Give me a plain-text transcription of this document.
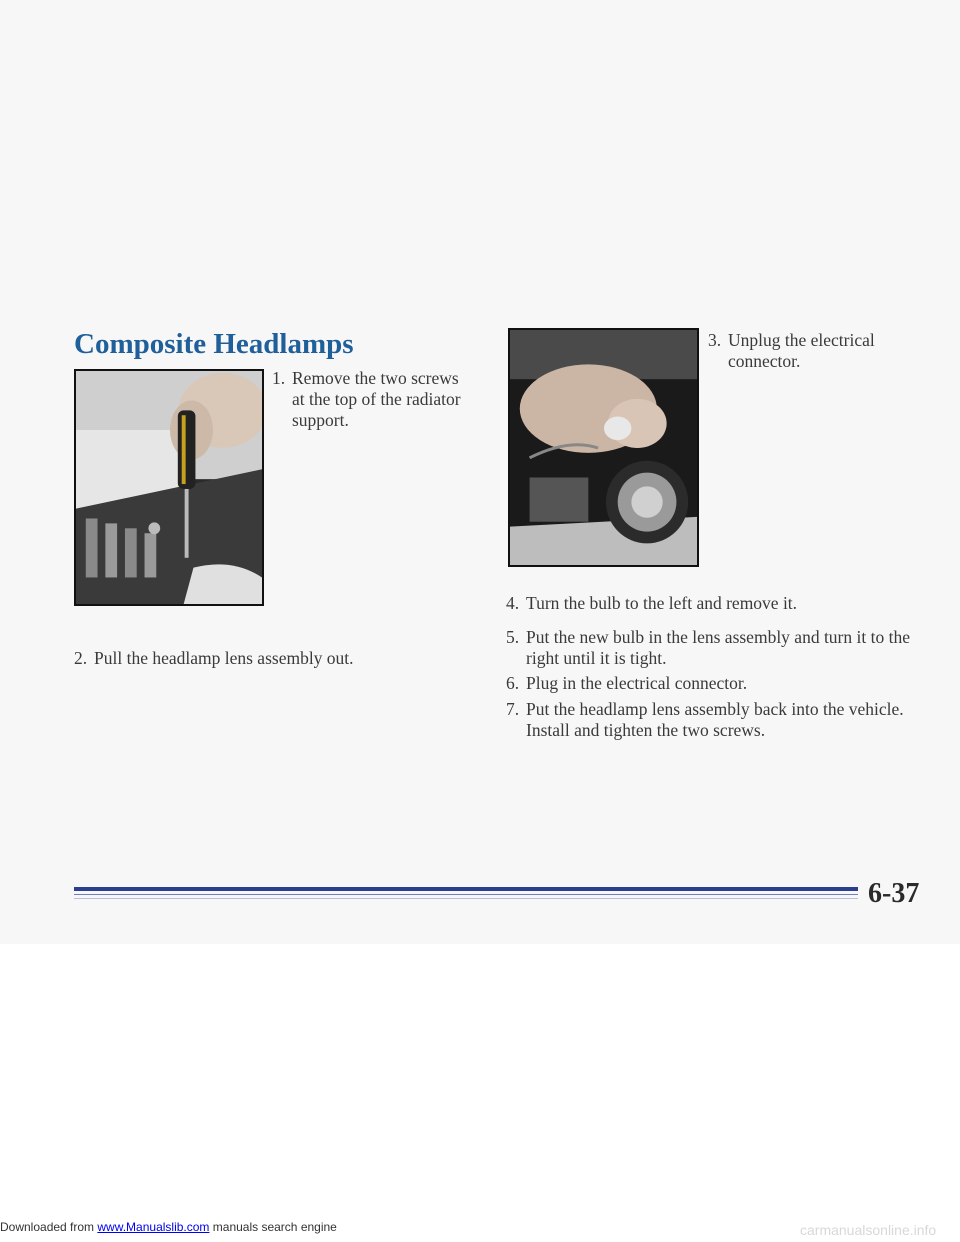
Composite Headlamps
1. Remove the two screws at the top of the radiator support.
2. Pull the headlamp lens assembly out.
3. Unplug the electrical connector.
4. Turn the bulb to the left and remove it.
5. Put the new bulb in the lens assembly and turn it to the right until it is tight.
6. Plug in the electrical connector.
7. Put the headlamp lens assembly back into the vehicle. Install and tighten the two screws.
6-37
Downloaded from www.Manualslib.com manuals search engine	carmanualsonline.info
